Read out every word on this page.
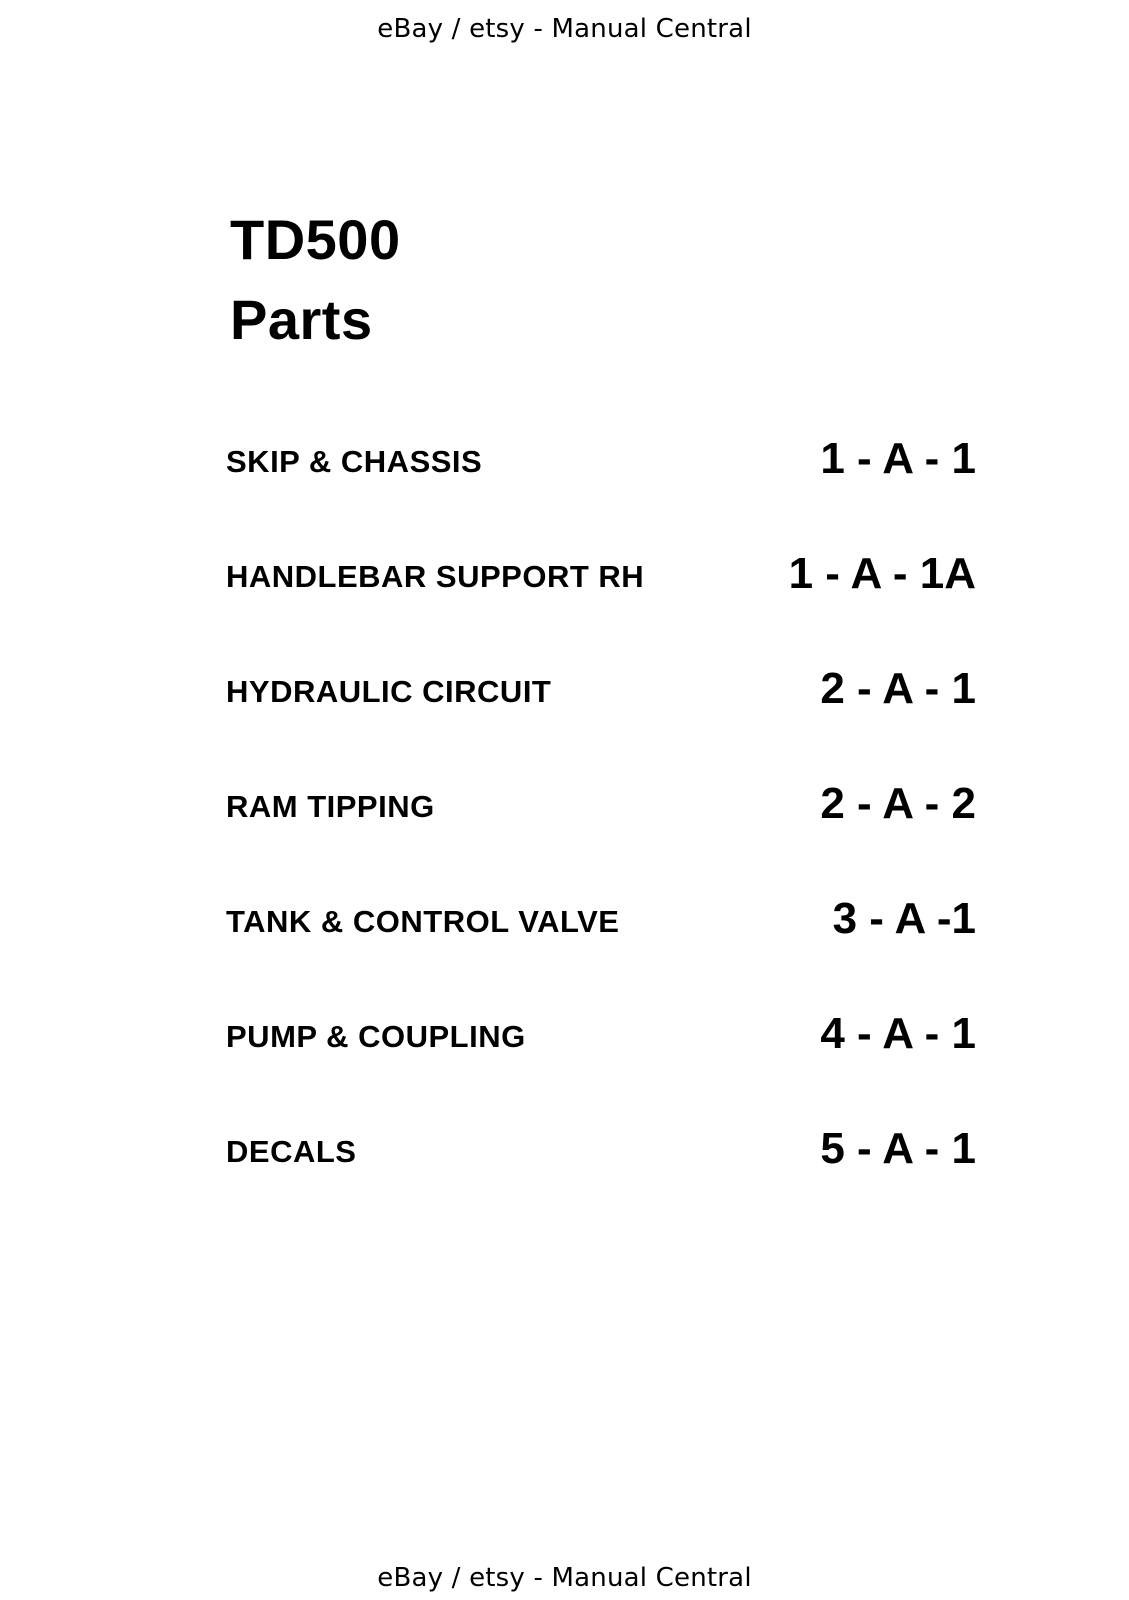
eBay / etsy - Manual Central
TD500
Parts
SKIP & CHASSIS	1 - A - 1
HANDLEBAR SUPPORT RH	1 - A - 1A
HYDRAULIC CIRCUIT	2 - A - 1
RAM TIPPING	2 - A - 2
TANK & CONTROL VALVE	3 - A -1
PUMP & COUPLING	4 - A - 1
DECALS	5 - A - 1
eBay / etsy - Manual Central
